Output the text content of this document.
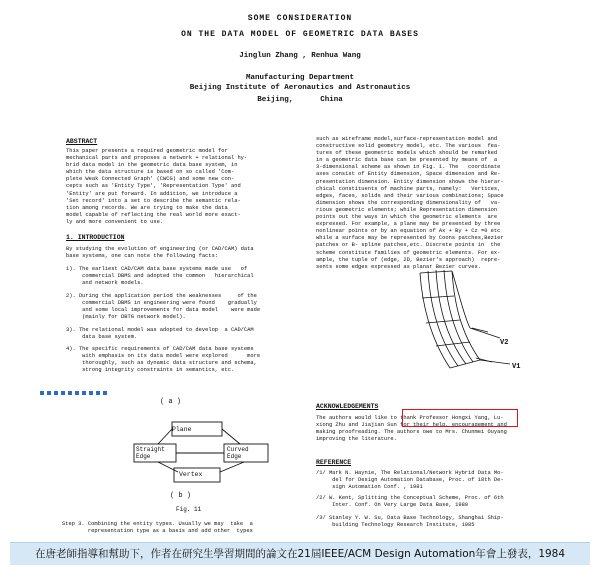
SOME CONSIDERATION
ON THE DATA MODEL OF GEOMETRIC DATA BASES
Jinglun Zhang , Renhua Wang
Manufacturing Department
Beijing Institute of Aeronautics and Astronautics
Beijing,      China
ABSTRACT
This paper presents a required geometric model for
mechanical parts and proposes a network + relational hy-
brid data model in the geometric data base system, in
which the data structure is based on so called 'Com-
plete Weak Connected Graph' (CWCG) and some new con-
cepts such as 'Entity Type', 'Representation Type' and
'Entity' are put forward. In addition, we introduce a
'Set record' into a set to describe the semantic rela-
tion among records. We are trying to make the data
model capable of reflecting the real world more exact-
ly and more convenient to use.
1. INTRODUCTION
By studying the evolution of engineering (or CAD/CAM) data
base systems, one can note the following facts:
1). The earliest CAD/CAM data base systems made use   of
commercial DBMS and adopted the common   hierarchical
and network models.
2). During the application period the weaknesses     of the
commercial DBMS in engineering were found    gradually
and some local improvements for data model    were made
(mainly for DBTG network model).
3). The relational model was adopted to develop  a CAD/CAM
data base system.
4). The specific requirements of CAD/CAM data base systems
with emphasis on its data model were explored      more
thoroughly, such as dynamic data structure and schema,
strong integrity constraints in semantics, etc.
such as wireframe model,surface-representation model and
constructive solid geometry model, etc. The various  fea-
tures of these geometric models which should be remarked
in a geometric data base can be presented by means of  a
3-dimensional scheme as shown in Fig. 1. The   coordinate
axes consist of Entity dimension, Space dimension and Re-
presentation dimension. Entity dimension shows the hierar-
chical constituents of machine parts, namely:   Vertices,
edges, faces, solids and their various combinations; Space
dimension shows the corresponding dimensionality of   va-
rious geometric elements; while Representation dimension
points out the ways in which the geometric elements  are
expressed. For example, a plane may be presented by three
nonlinear points or by an equation of Ax + By + Cz =0 etc
while a surface may be represented by Coons patches,Bezier
patches or B- spline patches,etc. Discrete points in  the
scheme constitute families of geometric elements. For ex-
ample, the tuple of (edge, 2D, Bezier's approach)  repre-
sents some edges expressed as planar Bezier curves.
V2
V1
( a )
Plane
Straight
Edge
Curved
Edge
Vertex
( b )
Fig. 11
Step 3. Combining the entity types. Usually we may  take  a
representation type as a basis and add other  types
ACKNOWLEDGEMENTS
The authors would like to thank Professor Hongxi Yang, Lu-
xiong Zhu and Jiajian Sun for their help, encouragement and
making proofreading. The authors owe to Mrs. Chunmei Ouyang
improving the literature.
REFERENCE
/1/ Mark N. Haynie, The Relational/Network Hybrid Data Mo-
del for Design Automation Database, Proc. of 18th De-
sign Automation Conf. , 1981
/2/ W. Kent, Splitting the Conceptual Scheme, Proc. of 6th
Inter. Conf. On Very Large Data Base, 1980
/3/ Stanley Y. W. Su, Data Base Technology, Shanghai Ship-
building Technology Research Institute, 1985
在唐老師指導和幫助下，作者在研究生學習期間的論文在21屆IEEE/ACM Design Automation年會上發表，1984
